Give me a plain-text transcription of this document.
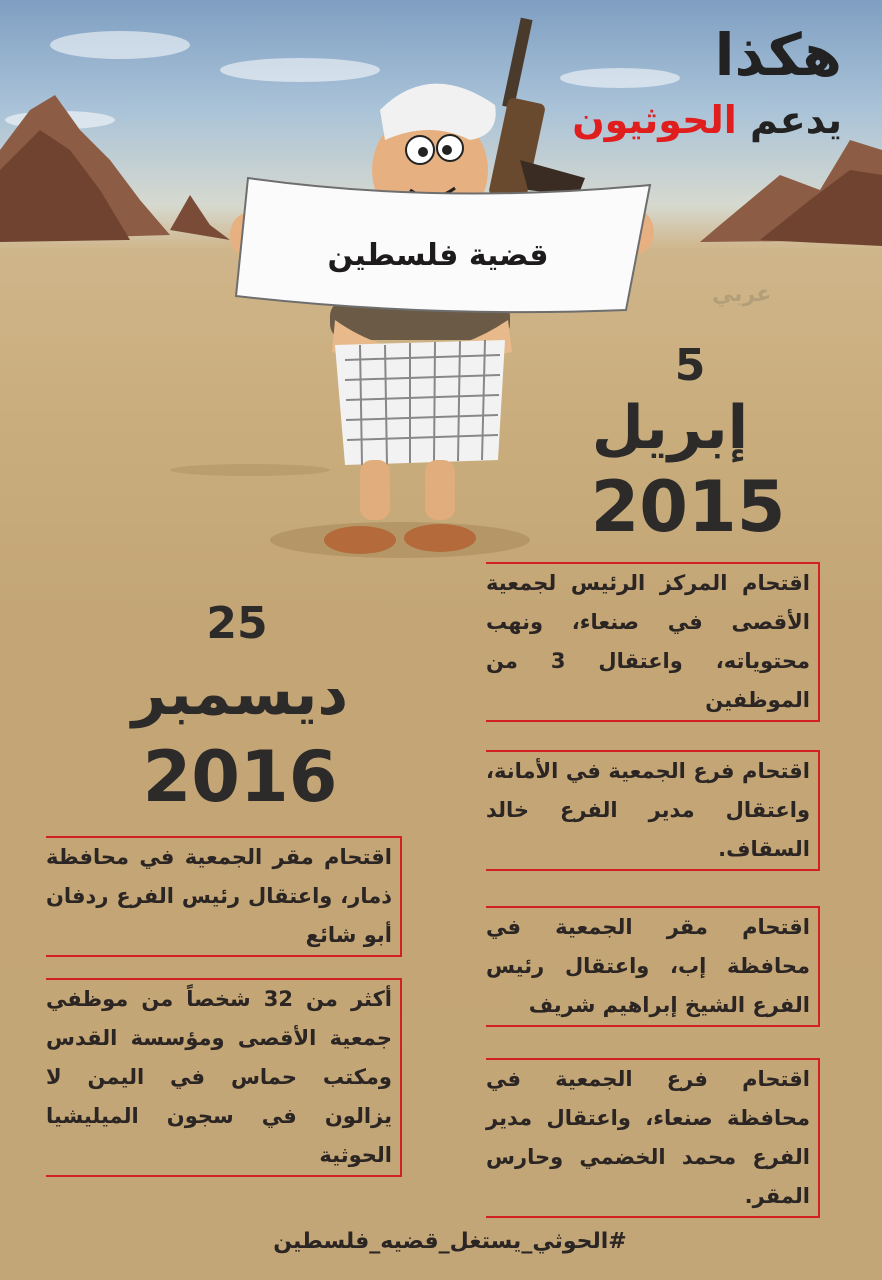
عربي
هكذا
يدعم الحوثيون
قضية فلسطين
5
إبريل
2015
25
ديسمبر
2016

اقتحام المركز الرئيس لجمعية الأقصى في صنعاء، ونهب محتوياته، واعتقال 3 من الموظفين

اقتحام فرع الجمعية في الأمانة، واعتقال مدير الفرع خالد السقاف.

اقتحام مقر الجمعية في محافظة إب، واعتقال رئيس الفرع الشيخ إبراهيم شريف

اقتحام فرع الجمعية في محافظة صنعاء، واعتقال مدير الفرع محمد الخضمي وحارس المقر.

اقتحام مقر الجمعية في محافظة ذمار، واعتقال رئيس الفرع ردفان أبو شائع

أكثر من 32 شخصاً من موظفي جمعية الأقصى ومؤسسة القدس ومكتب حماس في اليمن لا يزالون في سجون الميليشيا الحوثية

#الحوثي_يستغل_قضيه_فلسطين
